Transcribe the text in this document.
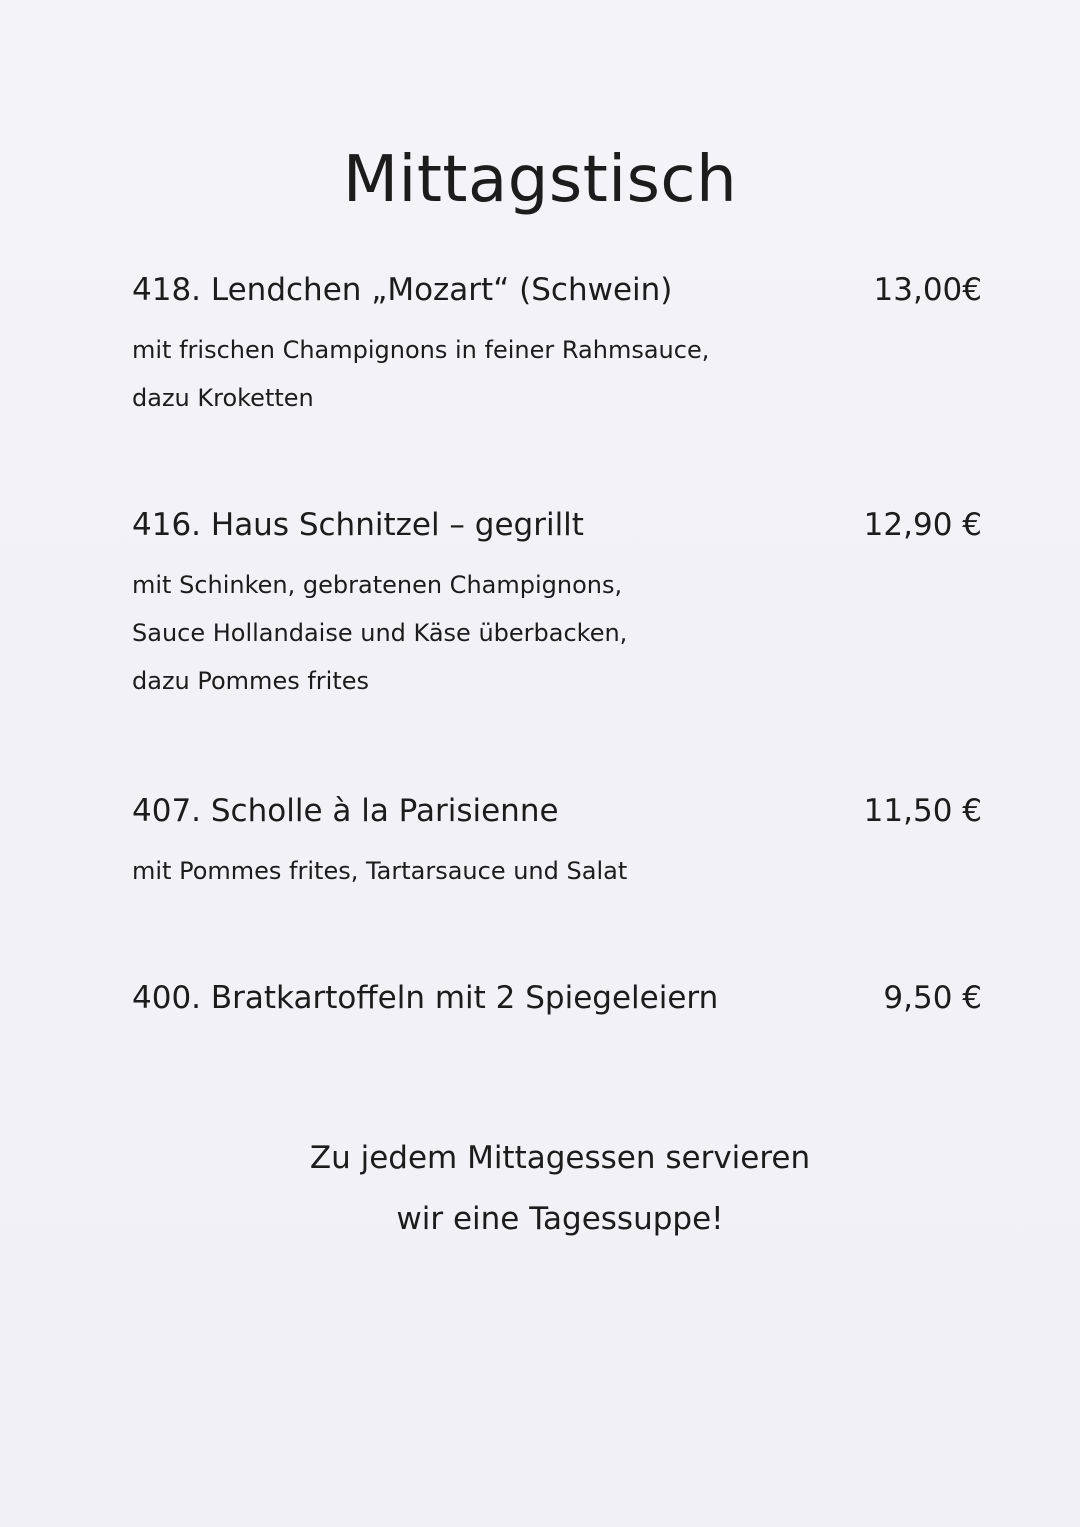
Mittagstisch
418. Lendchen „Mozart“ (Schwein)	13,00€
mit frischen Champignons in feiner Rahmsauce,
dazu Kroketten
416. Haus Schnitzel – gegrillt	12,90 €
mit Schinken, gebratenen Champignons,
Sauce Hollandaise und Käse überbacken,
dazu Pommes frites
407. Scholle à la Parisienne	11,50 €
mit Pommes frites, Tartarsauce und Salat
400. Bratkartoffeln mit 2 Spiegeleiern	9,50 €
Zu jedem Mittagessen servieren
wir eine Tagessuppe!
